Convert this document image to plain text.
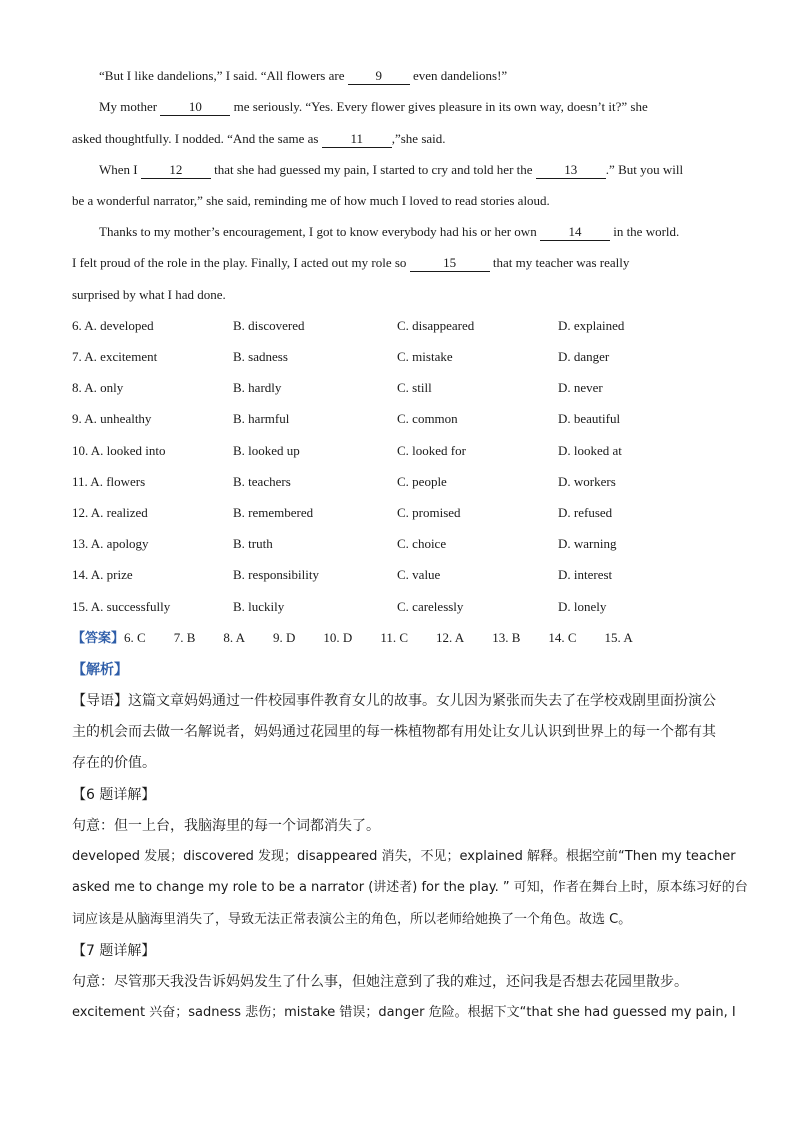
“But I like dandelions,” I said. “All flowers are 9 even dandelions!”
My mother 10 me seriously. “Yes. Every flower gives pleasure in its own way, doesn’t it?” she
asked thoughtfully. I nodded. “And the same as 11 ,”she said.
When I 12 that she had guessed my pain, I started to cry and told her the 13 .” But you will
be a wonderful narrator,” she said, reminding me of how much I loved to read stories aloud.
Thanks to my mother’s encouragement, I got to know everybody had his or her own 14 in the world.
I felt proud of the role in the play. Finally, I acted out my role so	15	that my teacher was really
surprised by what I had done.
6. A. developed	B. discovered	C. disappeared	D. explained
7. A. excitement	B. sadness	C. mistake	D. danger
8. A. only	B. hardly	C. still	D. never
9. A. unhealthy	B. harmful	C. common	D. beautiful
10. A. looked into	B. looked up	C. looked for	D. looked at
11. A. flowers	B. teachers	C. people	D. workers
12. A. realized	B. remembered	C. promised	D. refused
13. A. apology	B. truth	C. choice	D. warning
14. A. prize	B. responsibility	C. value	D. interest
15. A. successfully	B. luckily	C. carelessly	D. lonely
【答案】6. C 7. B 8. A 9. D 10. D 11. C 12. A 13. B 14. C 15. A
【解析】
【导语】这篇文章妈妈通过一件校园事件教育女儿的故事。女儿因为紧张而失去了在学校戏剧里面扮演公
主的机会而去做一名解说者，妈妈通过花园里的每一株植物都有用处让女儿认识到世界上的每一个都有其
存在的价值。
【6 题详解】
句意：但一上台，我脑海里的每一个词都消失了。
developed 发展；discovered 发现；disappeared 消失，不见；explained 解释。根据空前“Then my teacher
asked me to change my role to be a narrator (讲述者) for the play. ” 可知，作者在舞台上时，原本练习好的台
词应该是从脑海里消失了，导致无法正常表演公主的角色，所以老师给她换了一个角色。故选 C。
【7 题详解】
句意：尽管那天我没告诉妈妈发生了什么事，但她注意到了我的难过，还问我是否想去花园里散步。
excitement 兴奋；sadness 悲伤；mistake 错误；danger 危险。根据下文“that she had guessed my pain, I
